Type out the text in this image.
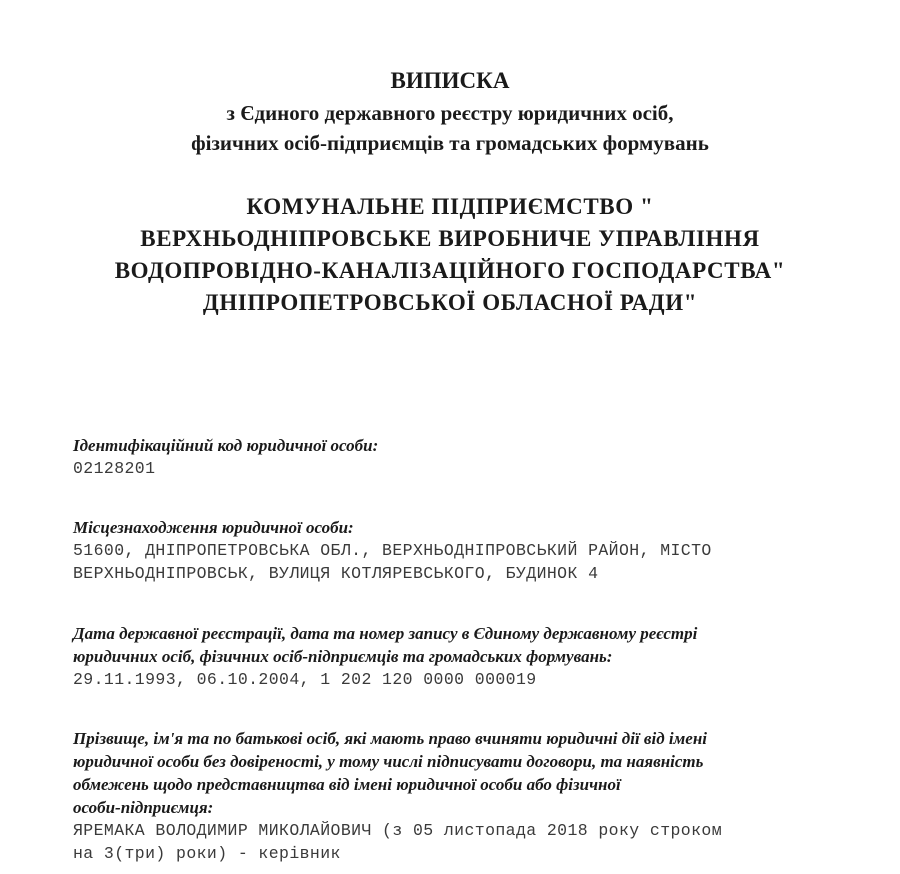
ВИПИСКА
з Єдиного державного реєстру юридичних осіб,
фізичних осіб-підприємців та громадських формувань
КОМУНАЛЬНЕ ПІДПРИЄМСТВО "
ВЕРХНЬОДНІПРОВСЬКЕ ВИРОБНИЧЕ УПРАВЛІННЯ
ВОДОПРОВІДНО-КАНАЛІЗАЦІЙНОГО ГОСПОДАРСТВА"
ДНІПРОПЕТРОВСЬКОЇ ОБЛАСНОЇ РАДИ"
Ідентифікаційний код юридичної особи:
02128201
Місцезнаходження юридичної особи:
51600, ДНІПРОПЕТРОВСЬКА ОБЛ., ВЕРХНЬОДНІПРОВСЬКИЙ РАЙОН, МІСТО
ВЕРХНЬОДНІПРОВСЬК, ВУЛИЦЯ КОТЛЯРЕВСЬКОГО, БУДИНОК 4
Дата державної реєстрації, дата та номер запису в Єдиному державному реєстрі
юридичних осіб, фізичних осіб-підприємців та громадських формувань:
29.11.1993, 06.10.2004, 1 202 120 0000 000019
Прізвище, ім'я та по батькові осіб, які мають право вчиняти юридичні дії від імені
юридичної особи без довіреності, у тому числі підписувати договори, та наявність
обмежень щодо представництва від імені юридичної особи або фізичної
особи-підприємця:
ЯРЕМАКА ВОЛОДИМИР МИКОЛАЙОВИЧ (з 05 листопада 2018 року строком
на 3(три) роки) - керівник
